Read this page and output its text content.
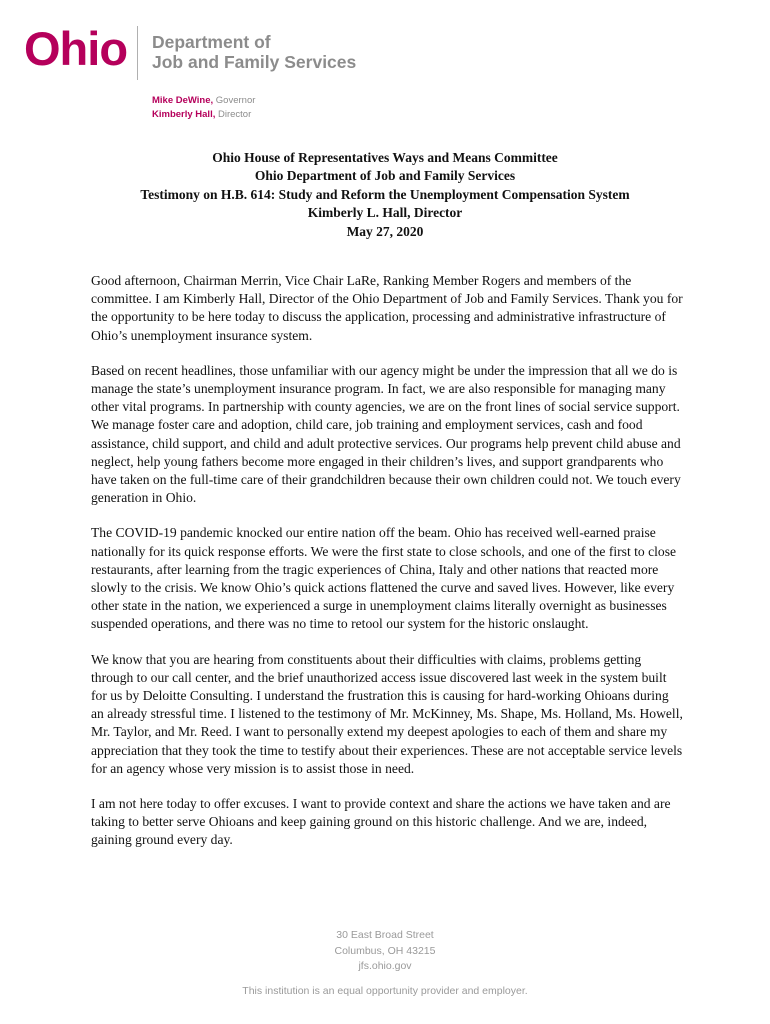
Ohio Department of
Job and Family Services
Mike DeWine, Governor
Kimberly Hall, Director
Ohio House of Representatives Ways and Means Committee
Ohio Department of Job and Family Services
Testimony on H.B. 614: Study and Reform the Unemployment Compensation System
Kimberly L. Hall, Director
May 27, 2020

Good afternoon, Chairman Merrin, Vice Chair LaRe, Ranking Member Rogers and members of the committee. I am Kimberly Hall, Director of the Ohio Department of Job and Family Services. Thank you for the opportunity to be here today to discuss the application, processing and administrative infrastructure of Ohio’s unemployment insurance system.

Based on recent headlines, those unfamiliar with our agency might be under the impression that all we do is manage the state’s unemployment insurance program. In fact, we are also responsible for managing many other vital programs. In partnership with county agencies, we are on the front lines of social service support. We manage foster care and adoption, child care, job training and employment services, cash and food assistance, child support, and child and adult protective services. Our programs help prevent child abuse and neglect, help young fathers become more engaged in their children’s lives, and support grandparents who have taken on the full-time care of their grandchildren because their own children could not. We touch every generation in Ohio.

The COVID-19 pandemic knocked our entire nation off the beam. Ohio has received well-earned praise nationally for its quick response efforts. We were the first state to close schools, and one of the first to close restaurants, after learning from the tragic experiences of China, Italy and other nations that reacted more slowly to the crisis. We know Ohio’s quick actions flattened the curve and saved lives. However, like every other state in the nation, we experienced a surge in unemployment claims literally overnight as businesses suspended operations, and there was no time to retool our system for the historic onslaught.

We know that you are hearing from constituents about their difficulties with claims, problems getting through to our call center, and the brief unauthorized access issue discovered last week in the system built for us by Deloitte Consulting. I understand the frustration this is causing for hard-working Ohioans during an already stressful time. I listened to the testimony of Mr. McKinney, Ms. Shape, Ms. Holland, Ms. Howell, Mr. Taylor, and Mr. Reed. I want to personally extend my deepest apologies to each of them and share my appreciation that they took the time to testify about their experiences. These are not acceptable service levels for an agency whose very mission is to assist those in need.

I am not here today to offer excuses. I want to provide context and share the actions we have taken and are taking to better serve Ohioans and keep gaining ground on this historic challenge. And we are, indeed, gaining ground every day.

30 East Broad Street
Columbus, OH 43215
jfs.ohio.gov
This institution is an equal opportunity provider and employer.
